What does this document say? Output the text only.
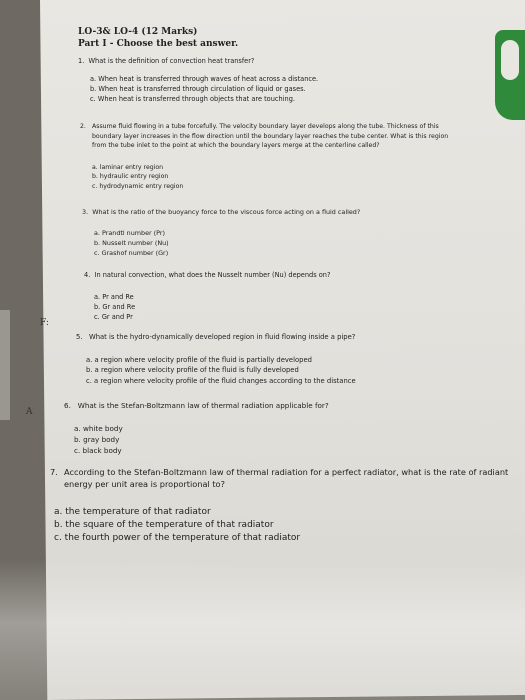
F:
A
LO-3& LO-4 (12 Marks)
Part I - Choose the best answer.
1. What is the definition of convection heat transfer?
a. When heat is transferred through waves of heat across a distance.
b. When heat is transferred through circulation of liquid or gases.
c. When heat is transferred through objects that are touching.
2. Assume fluid flowing in a tube forcefully. The velocity boundary layer develops along the tube. Thickness of this boundary layer increases in the flow direction until the boundary layer reaches the tube center. What is this region from the tube inlet to the point at which the boundary layers merge at the centerline called?
a. laminar entry region
b. hydraulic entry region
c. hydrodynamic entry region
3. What is the ratio of the buoyancy force to the viscous force acting on a fluid called?
a. Prandtl number (Pr)
b. Nusselt number (Nu)
c. Grashof number (Gr)
4. In natural convection, what does the Nusselt number (Nu) depends on?
a. Pr and Re
b. Gr and Re
c. Gr and Pr
5. What is the hydro-dynamically developed region in fluid flowing inside a pipe?
a. a region where velocity profile of the fluid is partially developed
b. a region where velocity profile of the fluid is fully developed
c. a region where velocity profile of the fluid changes according to the distance
6. What is the Stefan-Boltzmann law of thermal radiation applicable for?
a. white body
b. gray body
c. black body
7. According to the Stefan-Boltzmann law of thermal radiation for a perfect radiator, what is the rate of radiant energy per unit area is proportional to?
a. the temperature of that radiator
b. the square of the temperature of that radiator
c. the fourth power of the temperature of that radiator
